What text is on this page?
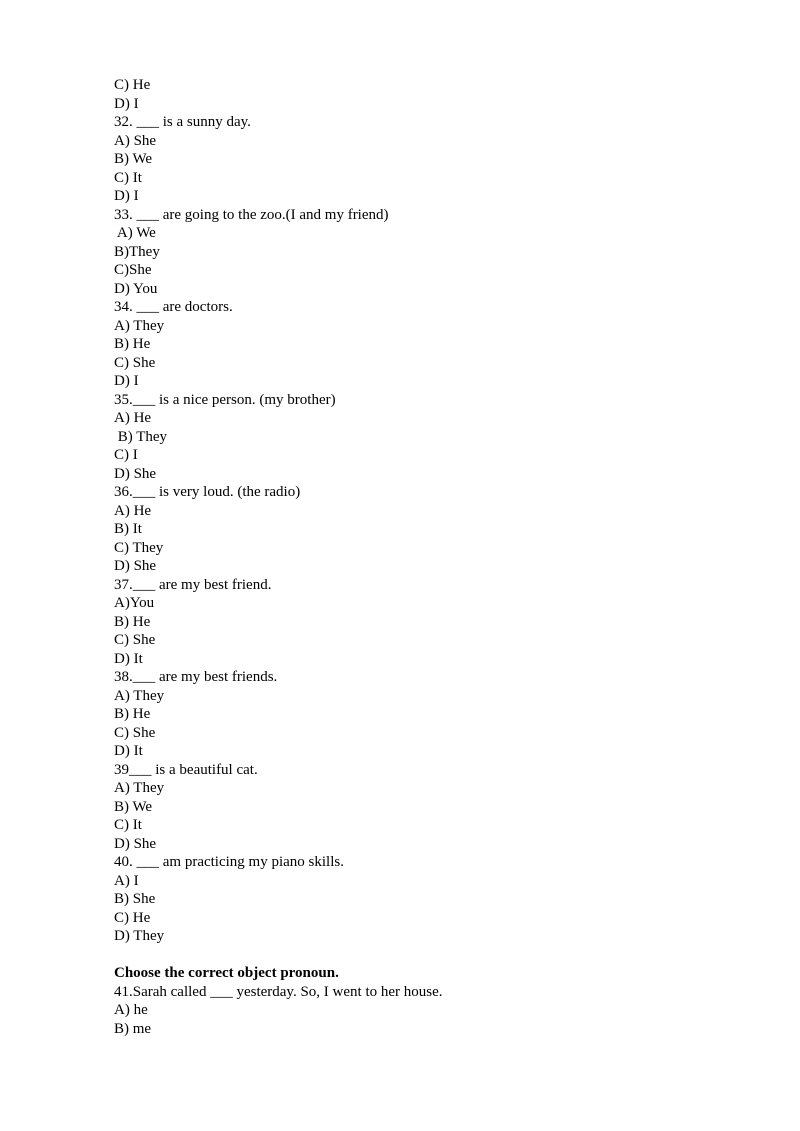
C) He
D) I
32. ___ is a sunny day.
A) She
B) We
C) It
D) I
33. ___ are going to the zoo.(I and my friend)
A) We
B)They
C)She
D) You
34. ___ are doctors.
A) They
B) He
C) She
D) I
35.___ is a nice person. (my brother)
A) He
B) They
C) I
D) She
36.___ is very loud. (the radio)
A) He
B) It
C) They
D) She
37.___ are my best friend.
A)You
B) He
C) She
D) It
38.___ are my best friends.
A) They
B) He
C) She
D) It
39___ is a beautiful cat.
A) They
B) We
C) It
D) She
40. ___ am practicing my piano skills.
A) I
B) She
C) He
D) They
Choose the correct object pronoun.
41.Sarah called ___ yesterday. So, I went to her house.
A) he
B) me
